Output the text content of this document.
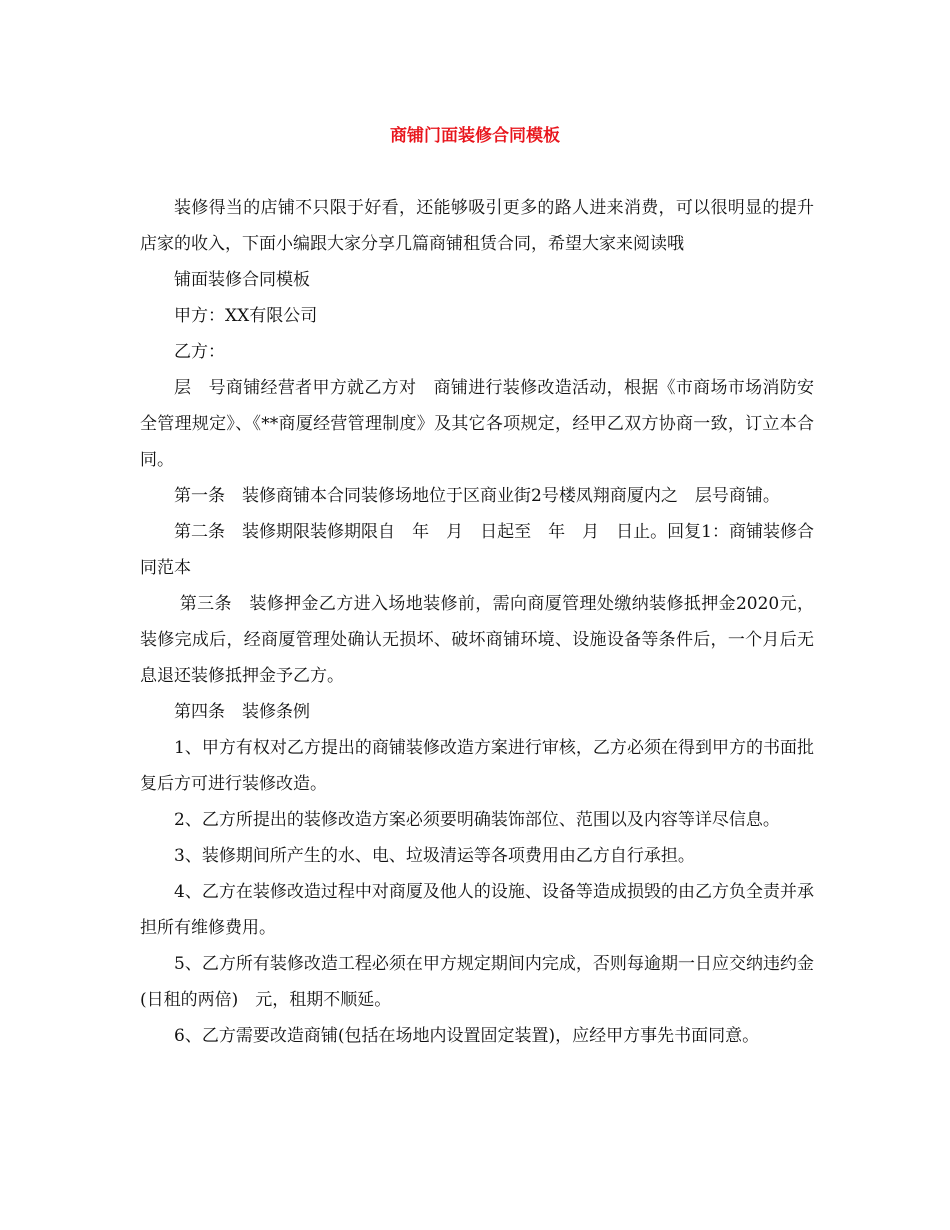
商铺门面装修合同模板

装修得当的店铺不只限于好看，还能够吸引更多的路人进来消费，可以很明显的提升店家的收入，下面小编跟大家分享几篇商铺租赁合同，希望大家来阅读哦

铺面装修合同模板

甲方：XX有限公司

乙方：

层　号商铺经营者甲方就乙方对　商铺进行装修改造活动，根据《市商场市场消防安全管理规定》、《**商厦经营管理制度》及其它各项规定，经甲乙双方协商一致，订立本合同。

第一条　装修商铺本合同装修场地位于区商业街2号楼凤翔商厦内之　层号商铺。

第二条　装修期限装修期限自　年　月　日起至　年　月　日止。回复1：商铺装修合同范本

第三条　装修押金乙方进入场地装修前，需向商厦管理处缴纳装修抵押金2020元，装修完成后，经商厦管理处确认无损坏、破坏商铺环境、设施设备等条件后，一个月后无息退还装修抵押金予乙方。

第四条　装修条例

1、甲方有权对乙方提出的商铺装修改造方案进行审核，乙方必须在得到甲方的书面批复后方可进行装修改造。

2、乙方所提出的装修改造方案必须要明确装饰部位、范围以及内容等详尽信息。

3、装修期间所产生的水、电、垃圾清运等各项费用由乙方自行承担。

4、乙方在装修改造过程中对商厦及他人的设施、设备等造成损毁的由乙方负全责并承担所有维修费用。

5、乙方所有装修改造工程必须在甲方规定期间内完成，否则每逾期一日应交纳违约金(日租的两倍)　元，租期不顺延。

6、乙方需要改造商铺(包括在场地内设置固定装置)，应经甲方事先书面同意。
